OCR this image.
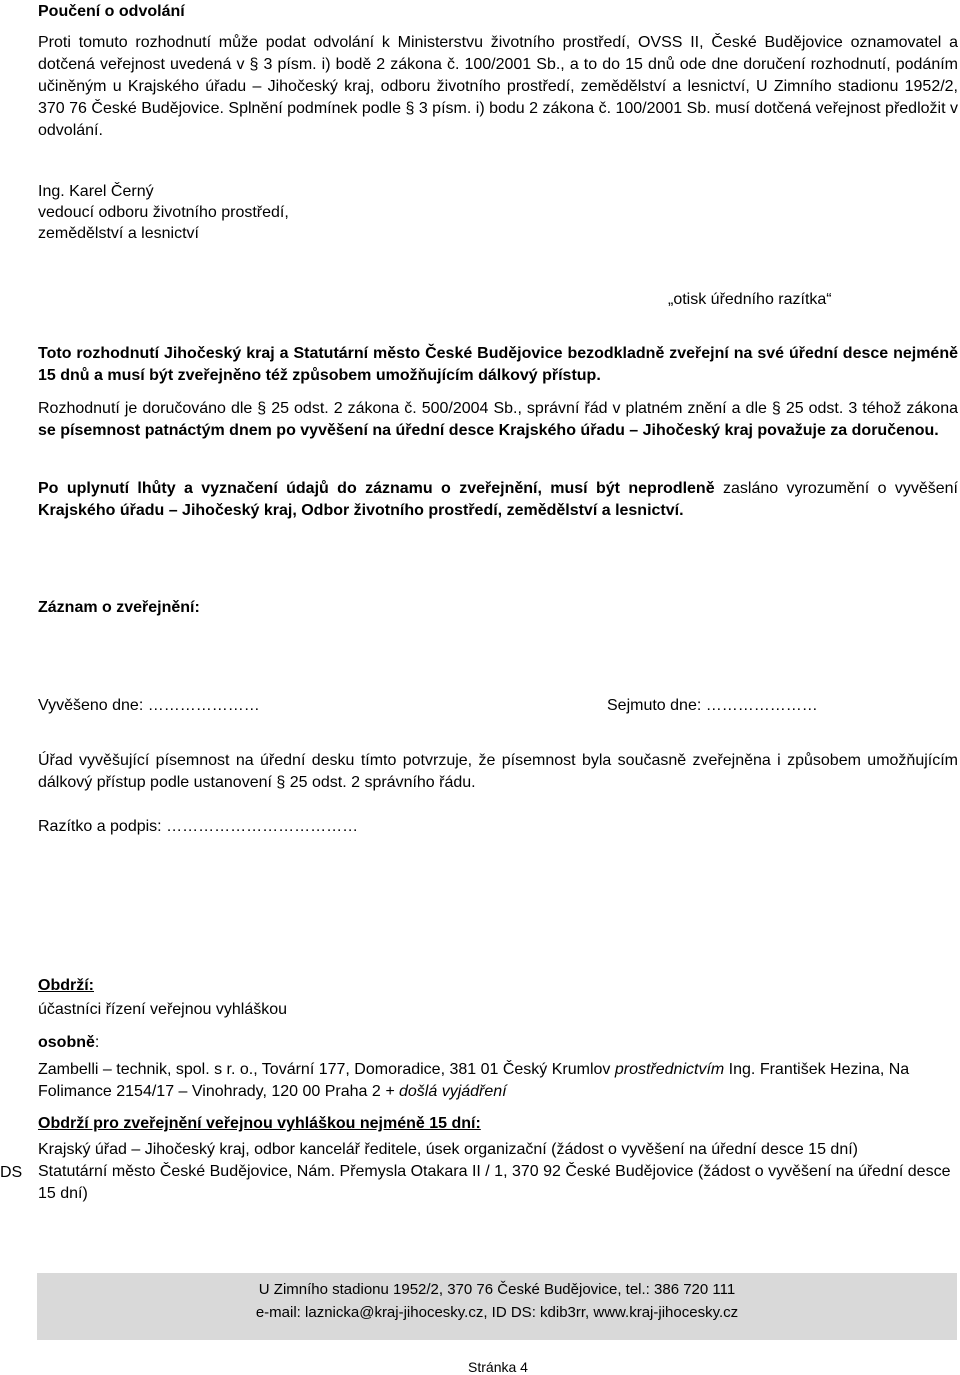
Poučení o odvolání

Proti tomuto rozhodnutí může podat odvolání k Ministerstvu životního prostředí, OVSS II, České Budějovice oznamovatel a dotčená veřejnost uvedená v § 3 písm. i) bodě 2 zákona č. 100/2001 Sb., a to do 15 dnů ode dne doručení rozhodnutí, podáním učiněným u Krajského úřadu – Jihočeský kraj, odboru životního prostředí, zemědělství a lesnictví, U Zimního stadionu 1952/2, 370 76 České Budějovice. Splnění podmínek podle § 3 písm. i) bodu 2 zákona č. 100/2001 Sb. musí dotčená veřejnost předložit v odvolání.

Ing. Karel Černý
vedoucí odboru životního prostředí,
zemědělství a lesnictví
„otisk úředního razítka“

Toto rozhodnutí Jihočeský kraj a Statutární město České Budějovice bezodkladně zveřejní na své úřední desce nejméně 15 dnů a musí být zveřejněno též způsobem umožňujícím dálkový přístup.

Rozhodnutí je doručováno dle § 25 odst. 2 zákona č. 500/2004 Sb., správní řád v platném znění a dle § 25 odst. 3 téhož zákona se písemnost patnáctým dnem po vyvěšení na úřední desce Krajského úřadu – Jihočeský kraj považuje za doručenou.

Po uplynutí lhůty a vyznačení údajů do záznamu o zveřejnění, musí být neprodleně zasláno vyrozumění o vyvěšení Krajského úřadu – Jihočeský kraj, Odbor životního prostředí, zemědělství a lesnictví.

Záznam o zveřejnění:
Vyvěšeno dne: …………………	Sejmuto dne: …………………

Úřad vyvěšující písemnost na úřední desku tímto potvrzuje, že písemnost byla současně zveřejněna i způsobem umožňujícím dálkový přístup podle ustanovení § 25 odst. 2 správního řádu.

Razítko a podpis: ………………………………
Obdrží:
účastníci řízení veřejnou vyhláškou
osobně:

Zambelli – technik, spol. s r. o., Tovární 177, Domoradice, 381 01 Český Krumlov prostřednictvím Ing. František Hezina, Na Folimance 2154/17 – Vinohrady, 120 00 Praha 2 + došlá vyjádření

Obdrží pro zveřejnění veřejnou vyhláškou nejméně 15 dní:
Krajský úřad – Jihočeský kraj, odbor kancelář ředitele, úsek organizační (žádost o vyvěšení na úřední desce 15 dní)
Statutární město České Budějovice, Nám. Přemysla Otakara II / 1, 370 92 České Budějovice (žádost o vyvěšení na úřední desce 15 dní)
DS
U Zimního stadionu 1952/2, 370 76 České Budějovice, tel.: 386 720 111
e-mail: laznicka@kraj-jihocesky.cz, ID DS: kdib3rr, www.kraj-jihocesky.cz
Stránka 4
